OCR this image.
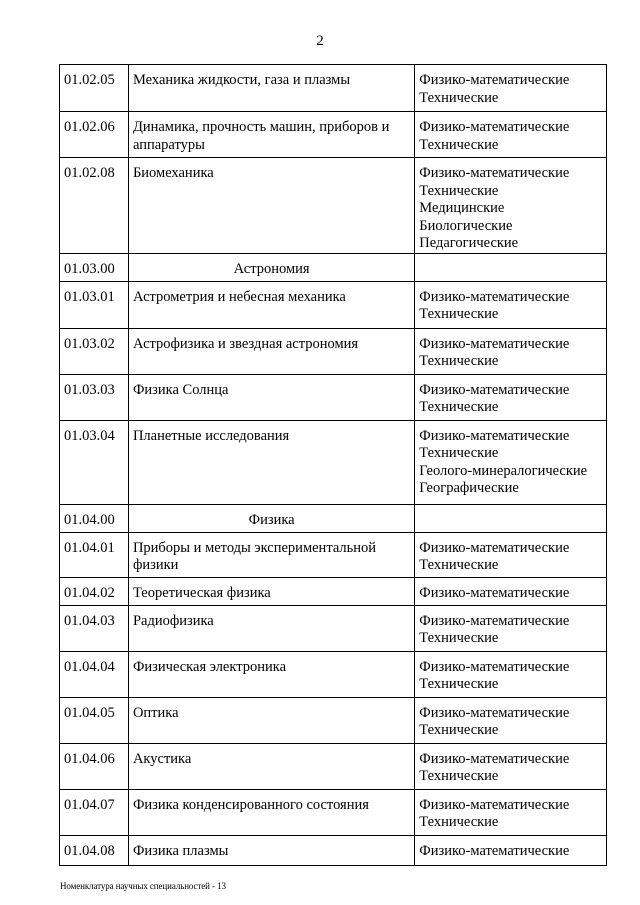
2
01.02.05	Механика жидкости, газа и плазмы	Физико-математические
Технические

01.02.06	Динамика, прочность машин, приборов и аппаратуры	Физико-математические
Технические

01.02.08	Биомеханика	Физико-математические
Технические
Медицинские
Биологические
Педагогические

01.03.00	Астрономия	
01.03.01	Астрометрия и небесная механика	Физико-математические
Технические

01.03.02	Астрофизика и звездная астрономия	Физико-математические
Технические

01.03.03	Физика Солнца	Физико-математические
Технические

01.03.04	Планетные исследования	Физико-математические
Технические
Геолого-минералогические
Географические

01.04.00	Физика	
01.04.01	Приборы и методы экспериментальной физики	Физико-математические
Технические

01.04.02	Теоретическая физика	Физико-математические

01.04.03	Радиофизика	Физико-математические
Технические

01.04.04	Физическая электроника	Физико-математические
Технические

01.04.05	Оптика	Физико-математические
Технические

01.04.06	Акустика	Физико-математические
Технические

01.04.07	Физика конденсированного состояния	Физико-математические
Технические

01.04.08	Физика плазмы	Физико-математические
Номенклатура научных специальностей - 13
